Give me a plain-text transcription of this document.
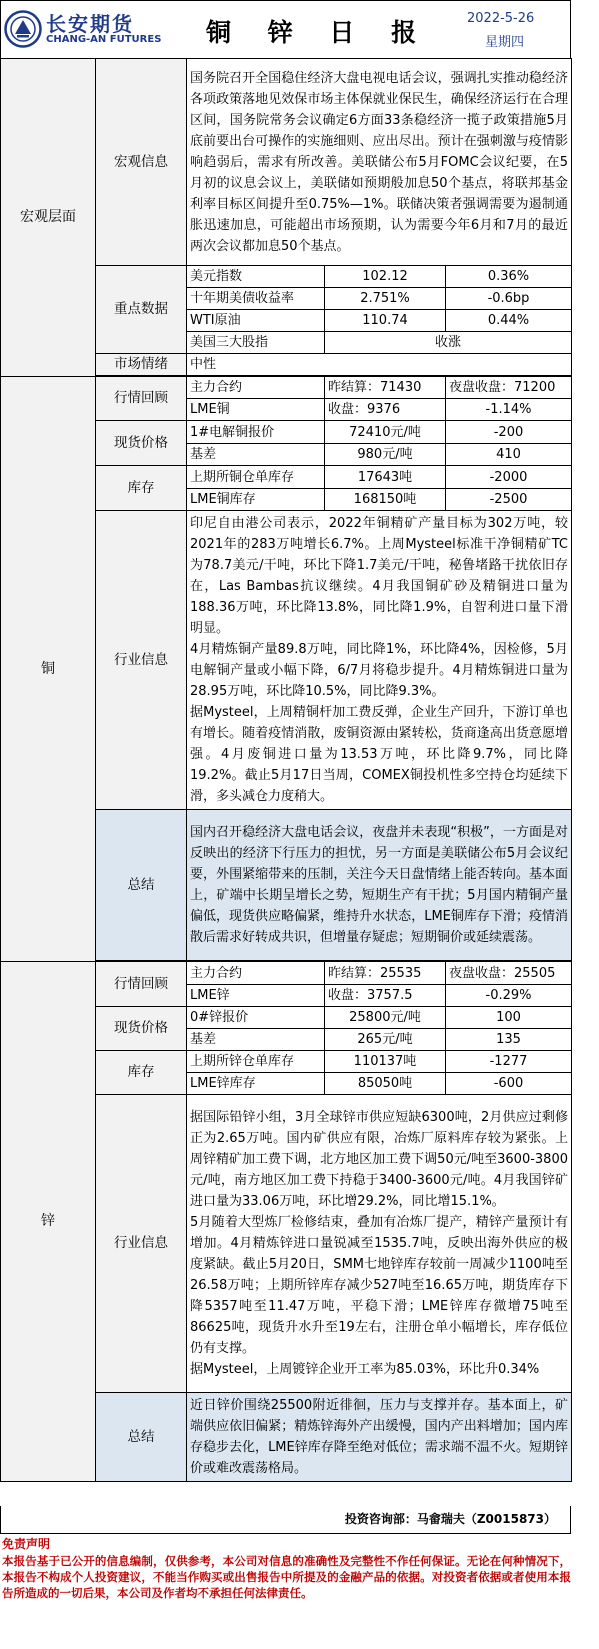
长安期货
CHANG-AN FUTURES 铜 锌 日 报	2022-5-26
星期四
宏观层面	宏观信息	国务院召开全国稳住经济大盘电视电话会议，强调扎实推动稳经济各项政策落地见效保市场主体保就业保民生，确保经济运行在合理区间，国务院常务会议确定6方面33条稳经济一揽子政策措施5月底前要出台可操作的实施细则、应出尽出。预计在强刺激与疫情影响趋弱后，需求有所改善。美联储公布5月FOMC会议纪要，在5月初的议息会议上，美联储如预期般加息50个基点，将联邦基金利率目标区间提升至0.75%—1%。联储决策者强调需要为遏制通胀迅速加息，可能超出市场预期，认为需要今年6月和7月的最近两次会议都加息50个基点。		
	重点数据	美元指数	102.12	0.36%
		十年期美债收益率	2.751%	-0.6bp
		WTI原油	110.74	0.44%
		美国三大股指	收涨	
	市场情绪	中性		

铜	行情回顾	主力合约	昨结算：71430	夜盘收盘：71200
		LME铜	收盘：9376	-1.14%
	现货价格	1#电解铜报价	72410元/吨	-200
		基差	980元/吨	410
	库存	上期所铜仓单库存	17643吨	-2000
		LME铜库存	168150吨	-2500
	行业信息	印尼自由港公司表示，2022年铜精矿产量目标为302万吨，较2021年的283万吨增长6.7%。上周Mysteel标准干净铜精矿TC为78.7美元/干吨，环比下降1.7美元/干吨，秘鲁堵路干扰依旧存在，Las Bambas抗议继续。4月我国铜矿砂及精铜进口量为188.36万吨，环比降13.8%，同比降1.9%，自智利进口量下滑明显。
4月精炼铜产量89.8万吨，同比降1%，环比降4%，因检修，5月电解铜产量或小幅下降，6/7月将稳步提升。4月精炼铜进口量为28.95万吨，环比降10.5%，同比降9.3%。
据Mysteel，上周精铜杆加工费反弹，企业生产回升，下游订单也有增长。随着疫情消散，废铜资源由紧转松，货商逢高出货意愿增强。4月废铜进口量为13.53万吨，环比降9.7%，同比降19.2%。截止5月17日当周，COMEX铜投机性多空持仓均延续下滑，多头减仓力度稍大。		
	总结	国内召开稳经济大盘电话会议，夜盘并未表现“积极”，一方面是对反映出的经济下行压力的担忧，另一方面是美联储公布5月会议纪要，外围紧缩带来的压制，关注今天日盘情绪上能否转向。基本面上，矿端中长期呈增长之势，短期生产有干扰；5月国内精铜产量偏低，现货供应略偏紧，维持升水状态，LME铜库存下滑；疫情消散后需求好转成共识，但增量存疑虑；短期铜价或延续震荡。		

锌	行情回顾	主力合约	昨结算：25535	夜盘收盘：25505
		LME锌	收盘：3757.5	-0.29%
	现货价格	0#锌报价	25800元/吨	100
		基差	265元/吨	135
	库存	上期所锌仓单库存	110137吨	-1277
		LME锌库存	85050吨	-600
	行业信息	据国际铅锌小组，3月全球锌市供应短缺6300吨，2月供应过剩修正为2.65万吨。国内矿供应有限，冶炼厂原料库存较为紧张。上周锌精矿加工费下调，北方地区加工费下调50元/吨至3600-3800元/吨，南方地区加工费下持稳于3400-3600元/吨。4月我国锌矿进口量为33.06万吨，环比增29.2%，同比增15.1%。
5月随着大型炼厂检修结束，叠加有冶炼厂提产，精锌产量预计有增加。4月精炼锌进口量锐减至1535.7吨，反映出海外供应的极度紧缺。截止5月20日，SMM七地锌库存较前一周减少1100吨至26.58万吨；上期所锌库存减少527吨至16.65万吨，期货库存下降5357吨至11.47万吨，平稳下滑；LME锌库存微增75吨至86625吨，现货升水升至19左右，注册仓单小幅增长，库存低位仍有支撑。
据Mysteel，上周镀锌企业开工率为85.03%，环比升0.34%		
	总结	近日锌价围绕25500附近徘徊，压力与支撑并存。基本面上，矿端供应依旧偏紧；精炼锌海外产出缓慢，国内产出料增加；国内库存稳步去化，LME锌库存降至绝对低位；需求端不温不火。短期锌价或难改震荡格局。		
投资咨询部：马畲瑞夫（Z0015873）
免责声明
本报告基于已公开的信息编制，仅供参考，本公司对信息的准确性及完整性不作任何保证。无论在何种情况下，本报告不构成个人投资建议，不能当作购买或出售报告中所提及的金融产品的依据。对投资者依据或者使用本报告所造成的一切后果，本公司及作者均不承担任何法律责任。
